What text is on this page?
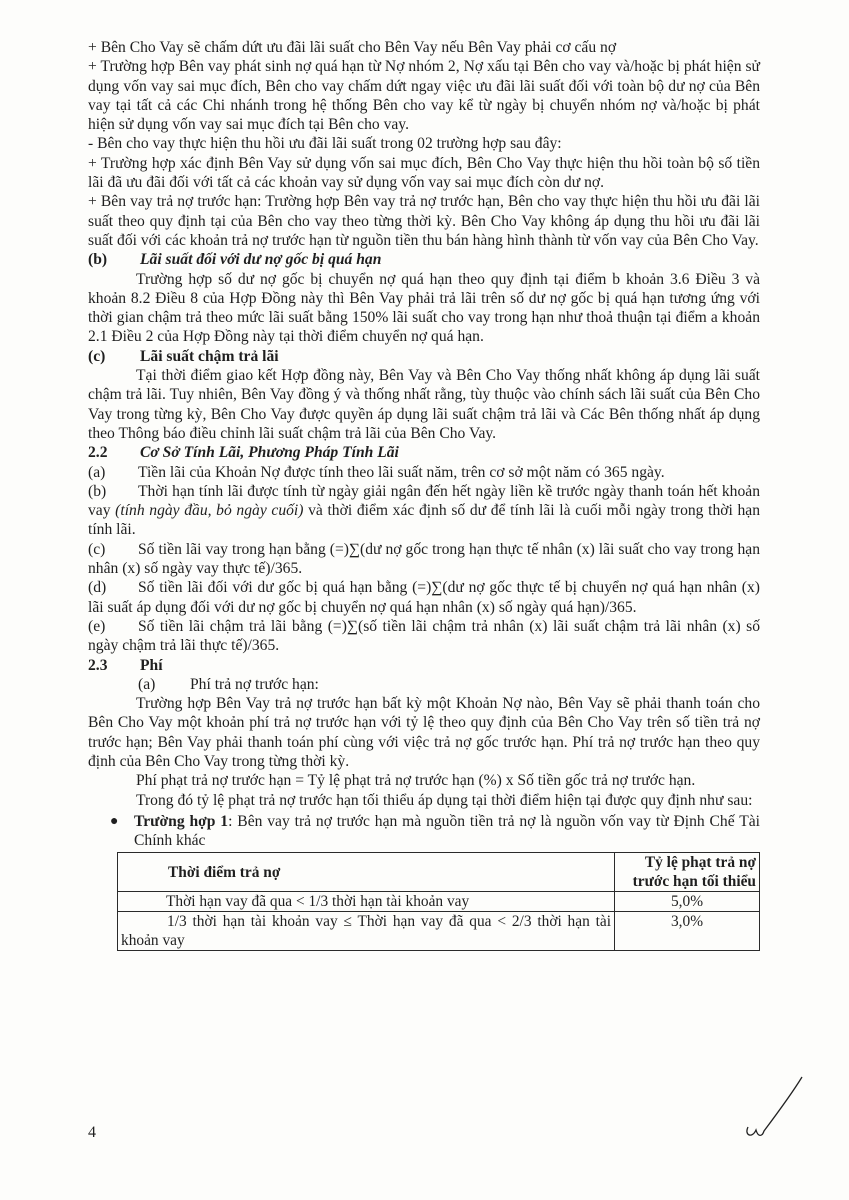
+ Bên Cho Vay sẽ chấm dứt ưu đãi lãi suất cho Bên Vay nếu Bên Vay phải cơ cấu nợ

+ Trường hợp Bên vay phát sinh nợ quá hạn từ Nợ nhóm 2, Nợ xấu tại Bên cho vay và/hoặc bị phát hiện sử dụng vốn vay sai mục đích, Bên cho vay chấm dứt ngay việc ưu đãi lãi suất đối với toàn bộ dư nợ của Bên vay tại tất cả các Chi nhánh trong hệ thống Bên cho vay kể từ ngày bị chuyển nhóm nợ và/hoặc bị phát hiện sử dụng vốn vay sai mục đích tại Bên cho vay.

- Bên cho vay thực hiện thu hồi ưu đãi lãi suất trong 02 trường hợp sau đây:

+ Trường hợp xác định Bên Vay sử dụng vốn sai mục đích, Bên Cho Vay thực hiện thu hồi toàn bộ số tiền lãi đã ưu đãi đối với tất cả các khoản vay sử dụng vốn vay sai mục đích còn dư nợ.

+ Bên vay trả nợ trước hạn: Trường hợp Bên vay trả nợ trước hạn, Bên cho vay thực hiện thu hồi ưu đãi lãi suất theo quy định tại của Bên cho vay theo từng thời kỳ. Bên Cho Vay không áp dụng thu hồi ưu đãi lãi suất đối với các khoản trả nợ trước hạn từ nguồn tiền thu bán hàng hình thành từ vốn vay của Bên Cho Vay.

(b)	Lãi suất đối với dư nợ gốc bị quá hạn

Trường hợp số dư nợ gốc bị chuyển nợ quá hạn theo quy định tại điểm b khoản 3.6 Điều 3 và khoản 8.2 Điều 8 của Hợp Đồng này thì Bên Vay phải trả lãi trên số dư nợ gốc bị quá hạn tương ứng với thời gian chậm trả theo mức lãi suất bằng 150% lãi suất cho vay trong hạn như thoả thuận tại điểm a khoản 2.1 Điều 2 của Hợp Đồng này tại thời điểm chuyển nợ quá hạn.

(c)	Lãi suất chậm trả lãi

Tại thời điểm giao kết Hợp đồng này, Bên Vay và Bên Cho Vay thống nhất không áp dụng lãi suất chậm trả lãi. Tuy nhiên, Bên Vay đồng ý và thống nhất rằng, tùy thuộc vào chính sách lãi suất của Bên Cho Vay trong từng kỳ, Bên Cho Vay được quyền áp dụng lãi suất chậm trả lãi và Các Bên thống nhất áp dụng theo Thông báo điều chỉnh lãi suất chậm trả lãi của Bên Cho Vay.

2.2	Cơ Sở Tính Lãi, Phương Pháp Tính Lãi

(a) Tiền lãi của Khoản Nợ được tính theo lãi suất năm, trên cơ sở một năm có 365 ngày.

(b) Thời hạn tính lãi được tính từ ngày giải ngân đến hết ngày liền kề trước ngày thanh toán hết khoản vay (tính ngày đầu, bỏ ngày cuối) và thời điểm xác định số dư để tính lãi là cuối mỗi ngày trong thời hạn tính lãi.

(c) Số tiền lãi vay trong hạn bằng (=)∑(dư nợ gốc trong hạn thực tế nhân (x) lãi suất cho vay trong hạn nhân (x) số ngày vay thực tế)/365.

(d) Số tiền lãi đối với dư gốc bị quá hạn bằng (=)∑(dư nợ gốc thực tế bị chuyển nợ quá hạn nhân (x) lãi suất áp dụng đối với dư nợ gốc bị chuyển nợ quá hạn nhân (x) số ngày quá hạn)/365.

(e) Số tiền lãi chậm trả lãi bằng (=)∑(số tiền lãi chậm trả nhân (x) lãi suất chậm trả lãi nhân (x) số ngày chậm trả lãi thực tế)/365.

2.3	Phí

(a) Phí trả nợ trước hạn:

Trường hợp Bên Vay trả nợ trước hạn bất kỳ một Khoản Nợ nào, Bên Vay sẽ phải thanh toán cho Bên Cho Vay một khoản phí trả nợ trước hạn với tỷ lệ theo quy định của Bên Cho Vay trên số tiền trả nợ trước hạn; Bên Vay phải thanh toán phí cùng với việc trả nợ gốc trước hạn. Phí trả nợ trước hạn theo quy định của Bên Cho Vay trong từng thời kỳ.

Phí phạt trả nợ trước hạn = Tỷ lệ phạt trả nợ trước hạn (%) x Số tiền gốc trả nợ trước hạn.

Trong đó tỷ lệ phạt trả nợ trước hạn tối thiểu áp dụng tại thời điểm hiện tại được quy định như sau:

● Trường hợp 1: Bên vay trả nợ trước hạn mà nguồn tiền trả nợ là nguồn vốn vay từ Định Chế Tài Chính khác
Thời điểm trả nợ	Tỷ lệ phạt trả nợ trước hạn tối thiểu
Thời hạn vay đã qua < 1/3 thời hạn tài khoản vay	5,0%
1/3 thời hạn tài khoản vay ≤ Thời hạn vay đã qua < 2/3 thời hạn tài khoản vay	3,0%
4
